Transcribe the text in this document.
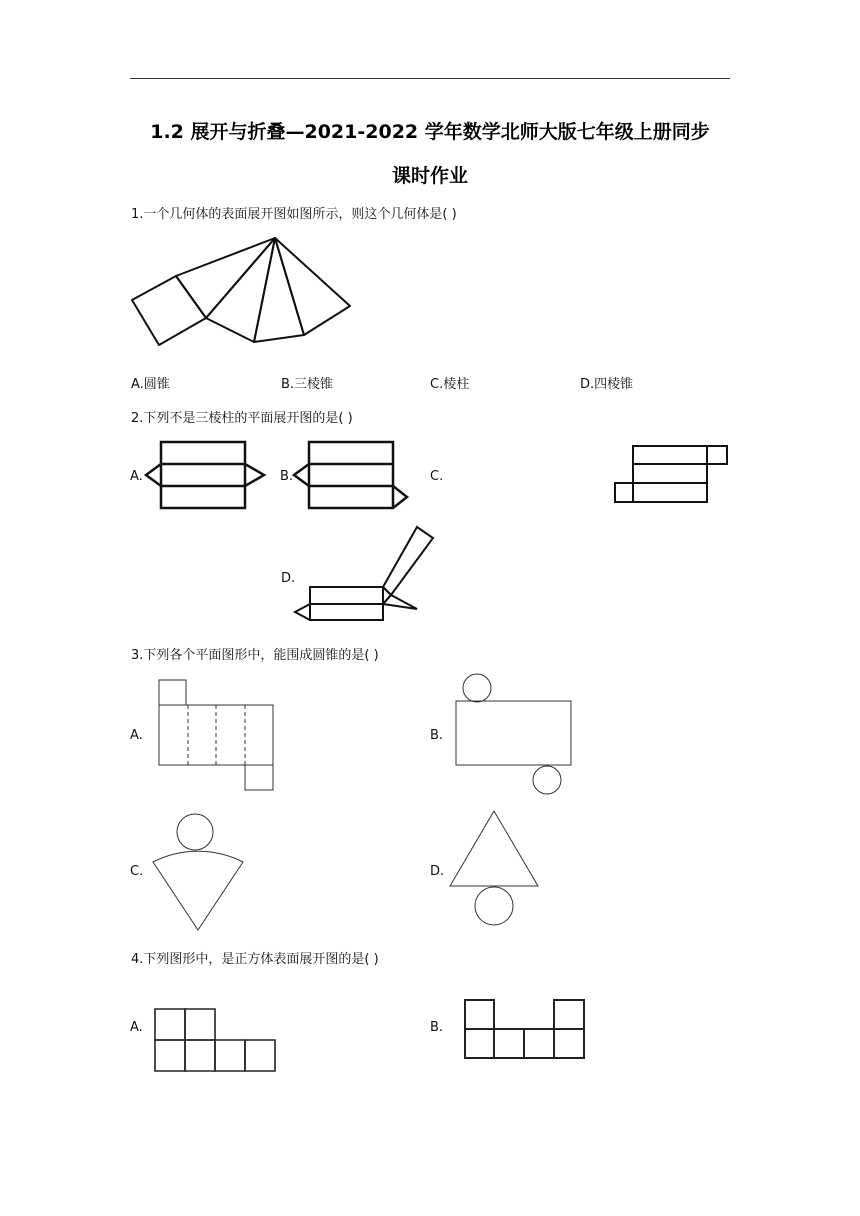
1.2 展开与折叠—2021-2022 学年数学北师大版七年级上册同步
课时作业
1.一个几何体的表面展开图如图所示，则这个几何体是( )
A.圆锥	B.三棱锥	C.棱柱	D.四棱锥
2.下列不是三棱柱的平面展开图的是( )
A.	B.	C.
D.
3.下列各个平面图形中，能围成圆锥的是( )
A.	B.
C.	D.
4.下列图形中，是正方体表面展开图的是( )
A.	B.
